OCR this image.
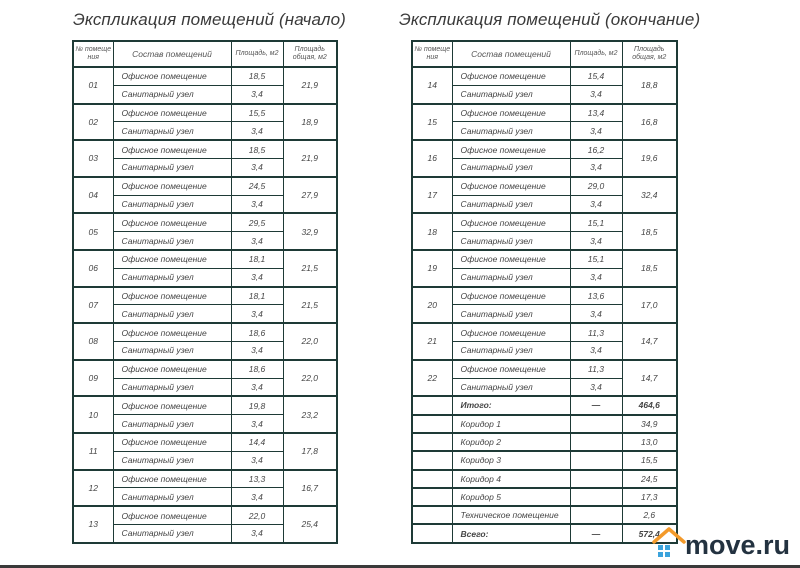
Экспликация помещений (начало)	Экспликация помещений (окончание)
№ помеще ния	Состав помещений	Площадь, м2	Площадь общая, м2
01	Офисное помещение	18,5	21,9
	Санитарный узел	3,4	
02	Офисное помещение	15,5	18,9
	Санитарный узел	3,4	
03	Офисное помещение	18,5	21,9
	Санитарный узел	3,4	
04	Офисное помещение	24,5	27,9
	Санитарный узел	3,4	
05	Офисное помещение	29,5	32,9
	Санитарный узел	3,4	
06	Офисное помещение	18,1	21,5
	Санитарный узел	3,4	
07	Офисное помещение	18,1	21,5
	Санитарный узел	3,4	
08	Офисное помещение	18,6	22,0
	Санитарный узел	3,4	
09	Офисное помещение	18,6	22,0
	Санитарный узел	3,4	
10	Офисное помещение	19,8	23,2
	Санитарный узел	3,4	
11	Офисное помещение	14,4	17,8
	Санитарный узел	3,4	
12	Офисное помещение	13,3	16,7
	Санитарный узел	3,4	
13	Офисное помещение	22,0	25,4
	Санитарный узел	3,4	
№ помеще ния	Состав помещений	Площадь, м2	Площадь общая, м2
14	Офисное помещение	15,4	18,8
	Санитарный узел	3,4	
15	Офисное помещение	13,4	16,8
	Санитарный узел	3,4	
16	Офисное помещение	16,2	19,6
	Санитарный узел	3,4	
17	Офисное помещение	29,0	32,4
	Санитарный узел	3,4	
18	Офисное помещение	15,1	18,5
	Санитарный узел	3,4	
19	Офисное помещение	15,1	18,5
	Санитарный узел	3,4	
20	Офисное помещение	13,6	17,0
	Санитарный узел	3,4	
21	Офисное помещение	11,3	14,7
	Санитарный узел	3,4	
22	Офисное помещение	11,3	14,7
	Санитарный узел	3,4	
	Итого:	—	464,6
	Коридор 1		34,9
	Коридор 2		13,0
	Коридор 3		15,5
	Коридор 4		24,5
	Коридор 5		17,3
	Техническое помещение		2,6
	Всего:	—	572,4 move.ru
